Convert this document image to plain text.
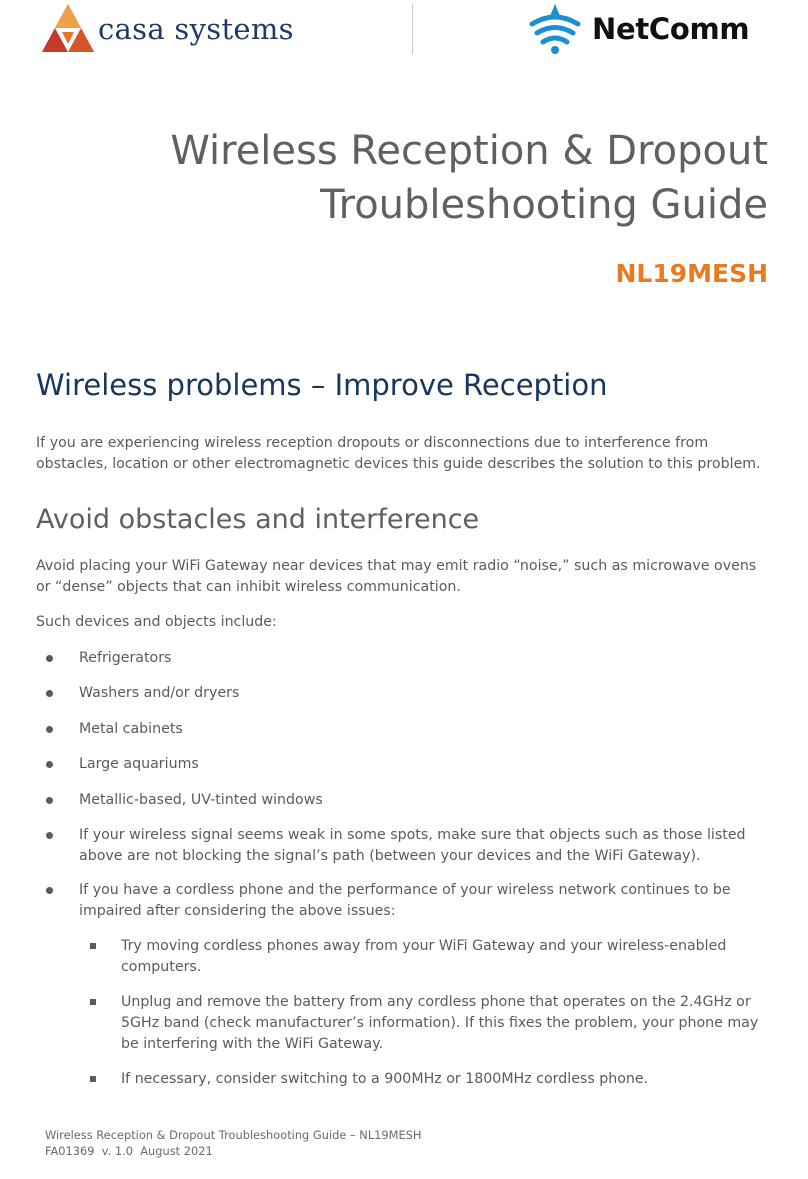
casa systems	NetComm
Wireless Reception & Dropout
Troubleshooting Guide
NL19MESH
Wireless problems – Improve Reception

If you are experiencing wireless reception dropouts or disconnections due to interference from obstacles, location or other electromagnetic devices this guide describes the solution to this problem.

Avoid obstacles and interference

Avoid placing your WiFi Gateway near devices that may emit radio “noise,” such as microwave ovens or “dense” objects that can inhibit wireless communication.

Such devices and objects include:

Refrigerators
Washers and/or dryers
Metal cabinets
Large aquariums
Metallic-based, UV-tinted windows
If your wireless signal seems weak in some spots, make sure that objects such as those listed above are not blocking the signal’s path (between your devices and the WiFi Gateway).
If you have a cordless phone and the performance of your wireless network continues to be impaired after considering the above issues:
Try moving cordless phones away from your WiFi Gateway and your wireless-enabled computers.
Unplug and remove the battery from any cordless phone that operates on the 2.4GHz or 5GHz band (check manufacturer’s information). If this fixes the problem, your phone may be interfering with the WiFi Gateway.
If necessary, consider switching to a 900MHz or 1800MHz cordless phone.
Wireless Reception & Dropout Troubleshooting Guide – NL19MESH
FA01369  v. 1.0  August 2021
